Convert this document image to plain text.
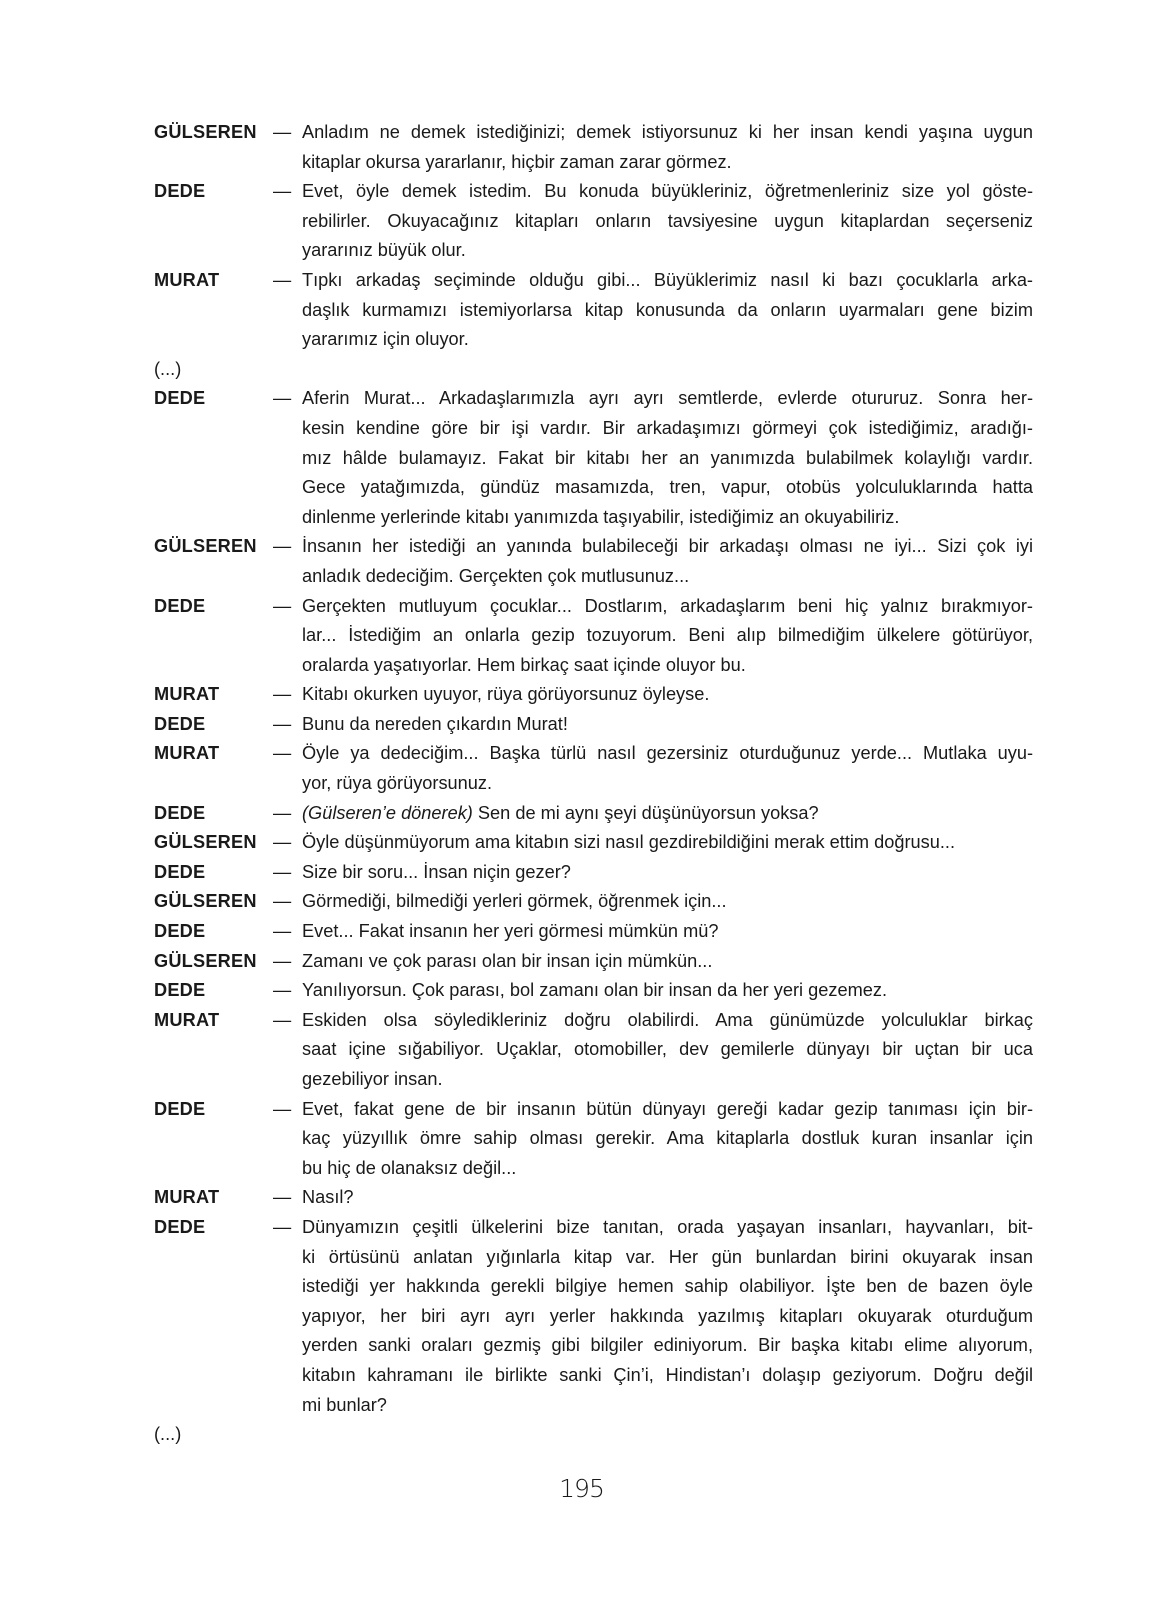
GÜLSEREN — Anladım ne demek istediğinizi; demek istiyorsunuz ki her insan kendi yaşına uygun
kitaplar okursa yararlanır, hiçbir zaman zarar görmez.
DEDE	— Evet, öyle demek istedim. Bu konuda büyükleriniz, öğretmenleriniz size yol göste-
rebilirler. Okuyacağınız kitapları onların tavsiyesine uygun kitaplardan seçerseniz
yararınız büyük olur.
MURAT	— Tıpkı arkadaş seçiminde olduğu gibi... Büyüklerimiz nasıl ki bazı çocuklarla arka-
daşlık kurmamızı istemiyorlarsa kitap konusunda da onların uyarmaları gene bizim
yararımız için oluyor.
(...)
DEDE	— Aferin Murat... Arkadaşlarımızla ayrı ayrı semtlerde, evlerde otururuz. Sonra her-
kesin kendine göre bir işi vardır. Bir arkadaşımızı görmeyi çok istediğimiz, aradığı-
mız hâlde bulamayız. Fakat bir kitabı her an yanımızda bulabilmek kolaylığı vardır.
Gece yatağımızda, gündüz masamızda, tren, vapur, otobüs yolculuklarında hatta
dinlenme yerlerinde kitabı yanımızda taşıyabilir, istediğimiz an okuyabiliriz.
GÜLSEREN — İnsanın her istediği an yanında bulabileceği bir arkadaşı olması ne iyi... Sizi çok iyi
anladık dedeciğim. Gerçekten çok mutlusunuz...
DEDE	— Gerçekten mutluyum çocuklar... Dostlarım, arkadaşlarım beni hiç yalnız bırakmıyor-
lar... İstediğim an onlarla gezip tozuyorum. Beni alıp bilmediğim ülkelere götürüyor,
oralarda yaşatıyorlar. Hem birkaç saat içinde oluyor bu.
MURAT	— Kitabı okurken uyuyor, rüya görüyorsunuz öyleyse.
DEDE	— Bunu da nereden çıkardın Murat!
MURAT	— Öyle ya dedeciğim... Başka türlü nasıl gezersiniz oturduğunuz yerde... Mutlaka uyu-
yor, rüya görüyorsunuz.
DEDE	— (Gülseren’e dönerek) Sen de mi aynı şeyi düşünüyorsun yoksa?
GÜLSEREN — Öyle düşünmüyorum ama kitabın sizi nasıl gezdirebildiğini merak ettim doğrusu...
DEDE	— Size bir soru... İnsan niçin gezer?
GÜLSEREN — Görmediği, bilmediği yerleri görmek, öğrenmek için...
DEDE	— Evet... Fakat insanın her yeri görmesi mümkün mü?
GÜLSEREN — Zamanı ve çok parası olan bir insan için mümkün...
DEDE	— Yanılıyorsun. Çok parası, bol zamanı olan bir insan da her yeri gezemez.
MURAT	— Eskiden olsa söyledikleriniz doğru olabilirdi. Ama günümüzde yolculuklar birkaç
saat içine sığabiliyor. Uçaklar, otomobiller, dev gemilerle dünyayı bir uçtan bir uca
gezebiliyor insan.
DEDE	— Evet, fakat gene de bir insanın bütün dünyayı gereği kadar gezip tanıması için bir-
kaç yüzyıllık ömre sahip olması gerekir. Ama kitaplarla dostluk kuran insanlar için
bu hiç de olanaksız değil...
MURAT	— Nasıl?
DEDE	— Dünyamızın çeşitli ülkelerini bize tanıtan, orada yaşayan insanları, hayvanları, bit-
ki örtüsünü anlatan yığınlarla kitap var. Her gün bunlardan birini okuyarak insan
istediği yer hakkında gerekli bilgiye hemen sahip olabiliyor. İşte ben de bazen öyle
yapıyor, her biri ayrı ayrı yerler hakkında yazılmış kitapları okuyarak oturduğum
yerden sanki oraları gezmiş gibi bilgiler ediniyorum. Bir başka kitabı elime alıyorum,
kitabın kahramanı ile birlikte sanki Çin’i, Hindistan’ı dolaşıp geziyorum. Doğru değil
mi bunlar?
(...)
195
